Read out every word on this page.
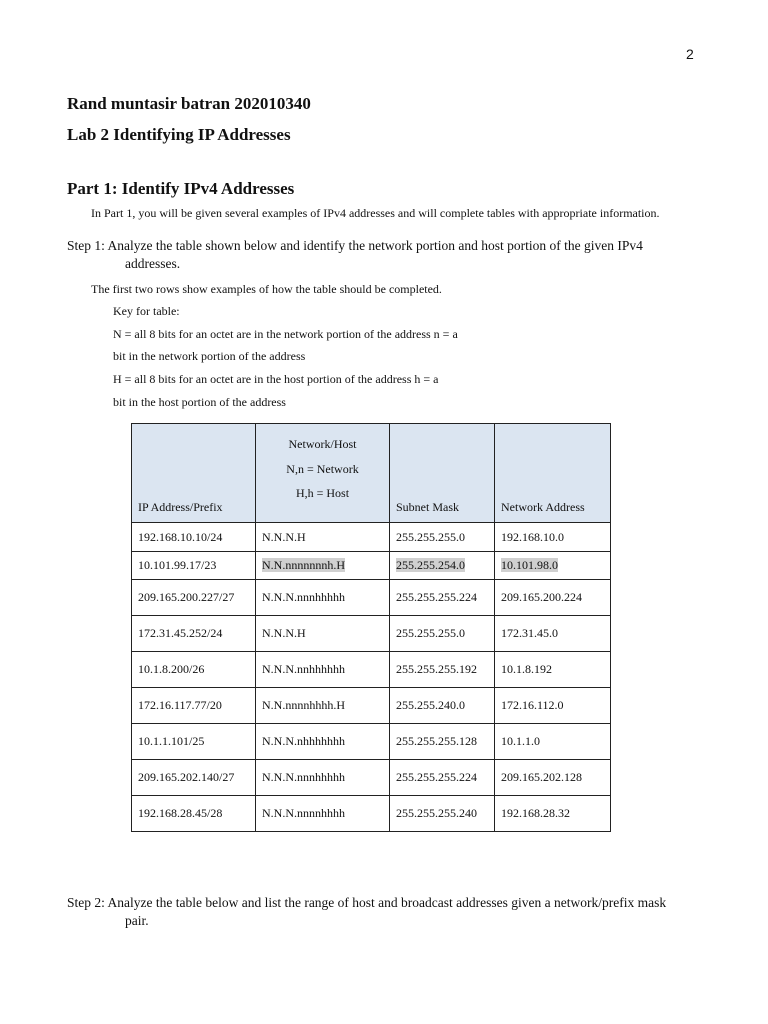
2
Rand muntasir batran 202010340
Lab 2 Identifying IP Addresses
Part 1: Identify IPv4 Addresses
In Part 1, you will be given several examples of IPv4 addresses and will complete tables with appropriate information.
Step 1: Analyze the table shown below and identify the network portion and host portion of the given IPv4
addresses.
The first two rows show examples of how the table should be completed.
Key for table:
N = all 8 bits for an octet are in the network portion of the address n = a
bit in the network portion of the address
H = all 8 bits for an octet are in the host portion of the address h = a
bit in the host portion of the address
IP Address/Prefix	Network/Host
N,n = Network
H,h = Host	Subnet Mask	Network Address
192.168.10.10/24	N.N.N.H	255.255.255.0	192.168.10.0
10.101.99.17/23	N.N.nnnnnnnh.H	255.255.254.0	10.101.98.0
209.165.200.227/27	N.N.N.nnnhhhhh	255.255.255.224	209.165.200.224
172.31.45.252/24	N.N.N.H	255.255.255.0	172.31.45.0
10.1.8.200/26	N.N.N.nnhhhhhh	255.255.255.192	10.1.8.192
172.16.117.77/20	N.N.nnnnhhhh.H	255.255.240.0	172.16.112.0
10.1.1.101/25	N.N.N.nhhhhhhh	255.255.255.128	10.1.1.0
209.165.202.140/27	N.N.N.nnnhhhhh	255.255.255.224	209.165.202.128
192.168.28.45/28	N.N.N.nnnnhhhh	255.255.255.240	192.168.28.32
Step 2: Analyze the table below and list the range of host and broadcast addresses given a network/prefix mask
pair.
